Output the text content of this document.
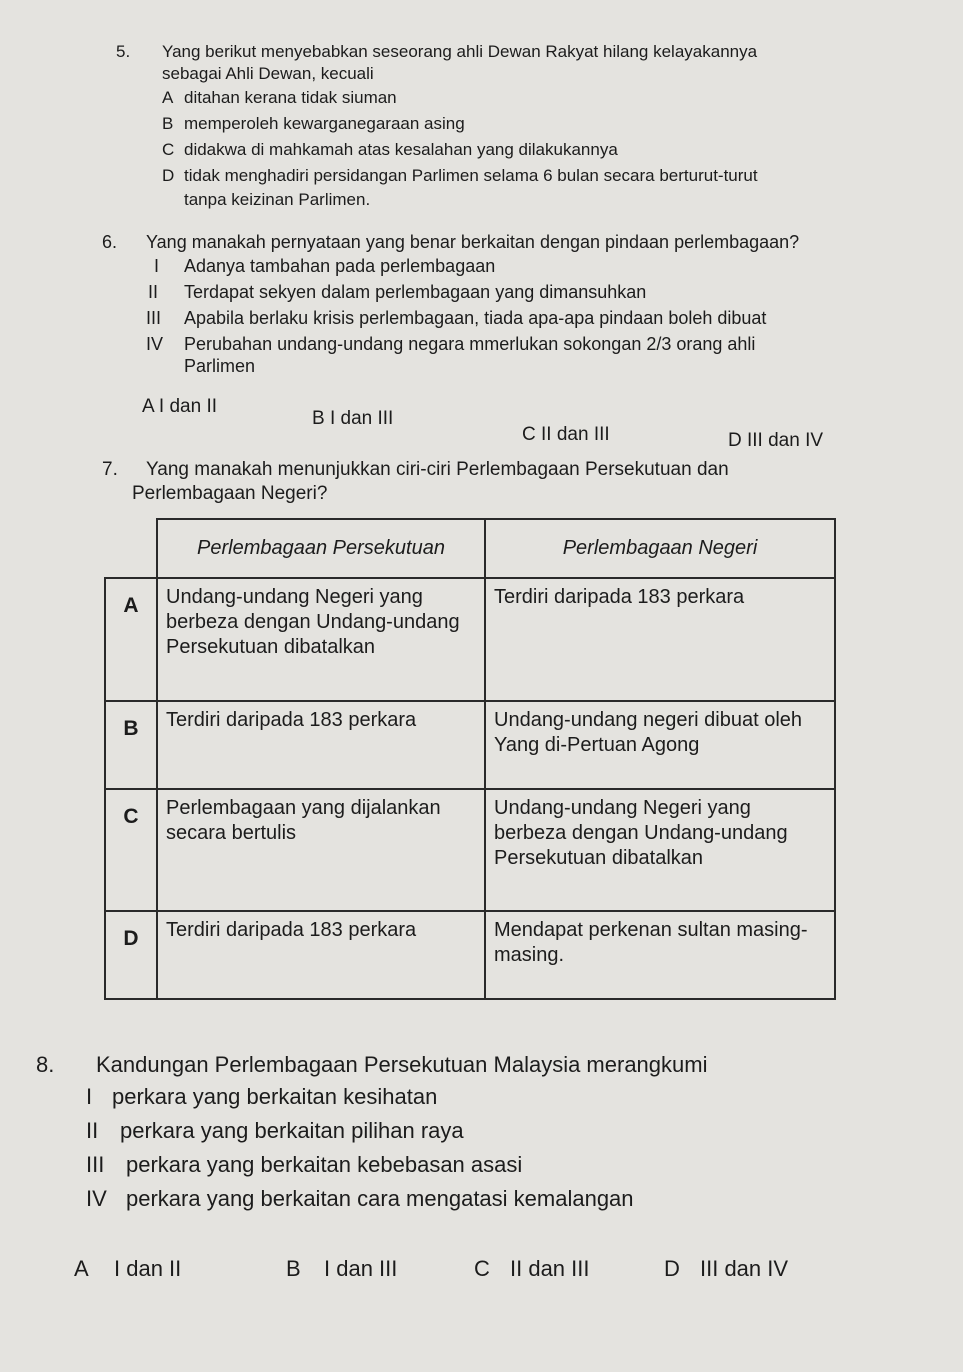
5. Yang berikut menyebabkan seseorang ahli Dewan Rakyat hilang kelayakannya
sebagai Ahli Dewan, kecuali
A ditahan kerana tidak siuman
B memperoleh kewarganegaraan asing
C didakwa di mahkamah atas kesalahan yang dilakukannya
D tidak menghadiri persidangan Parlimen selama 6 bulan secara berturut-turut
tanpa keizinan Parlimen.
6. Yang manakah pernyataan yang benar berkaitan dengan pindaan perlembagaan?
I Adanya tambahan pada perlembagaan
II Terdapat sekyen dalam perlembagaan yang dimansuhkan
III Apabila berlaku krisis perlembagaan, tiada apa-apa pindaan boleh dibuat
IV Perubahan undang-undang negara mmerlukan sokongan 2/3 orang ahli
Parlimen
A I dan II
B I dan III
C II dan III	D III dan IV
7. Yang manakah menunjukkan ciri-ciri Perlembagaan Persekutuan dan
Perlembagaan Negeri?
	Perlembagaan Persekutuan	Perlembagaan Negeri
A	Undang-undang Negeri yang berbeza dengan Undang-undang Persekutuan dibatalkan	Terdiri daripada 183 perkara
B	Terdiri daripada 183 perkara	Undang-undang negeri dibuat oleh Yang di-Pertuan Agong
C	Perlembagaan yang dijalankan secara bertulis	Undang-undang Negeri yang berbeza dengan Undang-undang Persekutuan dibatalkan
D	Terdiri daripada 183 perkara	Mendapat perkenan sultan masing-masing.
8. Kandungan Perlembagaan Persekutuan Malaysia merangkumi
I perkara yang berkaitan kesihatan
II perkara yang berkaitan pilihan raya
III perkara yang berkaitan kebebasan asasi
IV perkara yang berkaitan cara mengatasi kemalangan
A I dan II	B I dan III	C II dan III	D III dan IV
